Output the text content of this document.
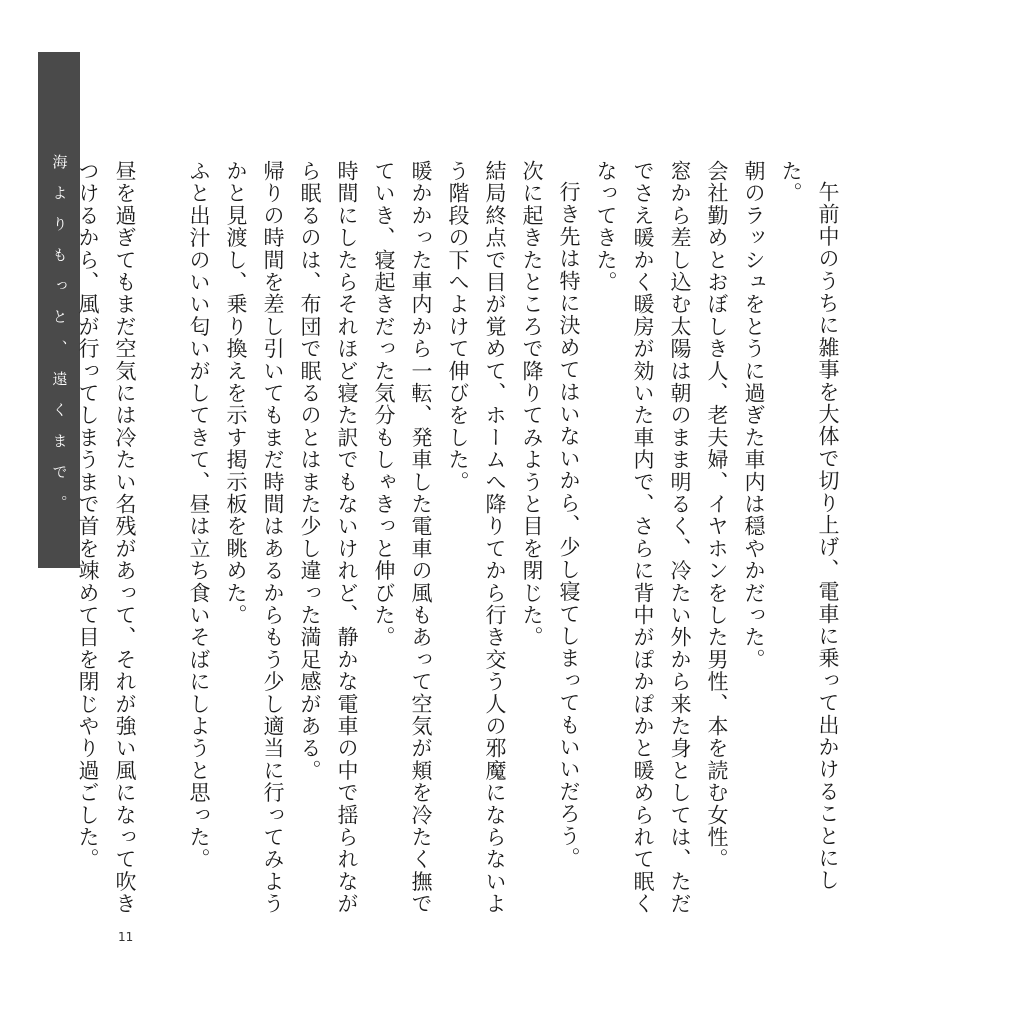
海よりもっと、遠くまで。	午前中のうちに雑事を大体で切り上げ、電車に乗って出かけることにした。

朝のラッシュをとうに過ぎた車内は穏やかだった。

会社勤めとおぼしき人、老夫婦、イヤホンをした男性、本を読む女性。

窓から差し込む太陽は朝のまま明るく、冷たい外から来た身としては、ただでさえ暖かく暖房が効いた車内で、さらに背中がぽかぽかと暖められて眠くなってきた。

行き先は特に決めてはいないから、少し寝てしまってもいいだろう。

次に起きたところで降りてみようと目を閉じた。

結局終点で目が覚めて、ホームへ降りてから行き交う人の邪魔にならないよう階段の下へよけて伸びをした。

暖かかった車内から一転、発車した電車の風もあって空気が頬を冷たく撫でていき、寝起きだった気分もしゃきっと伸びた。

時間にしたらそれほど寝た訳でもないけれど、静かな電車の中で揺られながら眠るのは、布団で眠るのとはまた少し違った満足感がある。

帰りの時間を差し引いてもまだ時間はあるからもう少し適当に行ってみようかと見渡し、乗り換えを示す掲示板を眺めた。

ふと出汁のいい匂いがしてきて、昼は立ち食いそばにしようと思った。

昼を過ぎてもまだ空気には冷たい名残があって、それが強い風になって吹きつけるから、風が行ってしまうまで首を竦めて目を閉じやり過ごした。

11
